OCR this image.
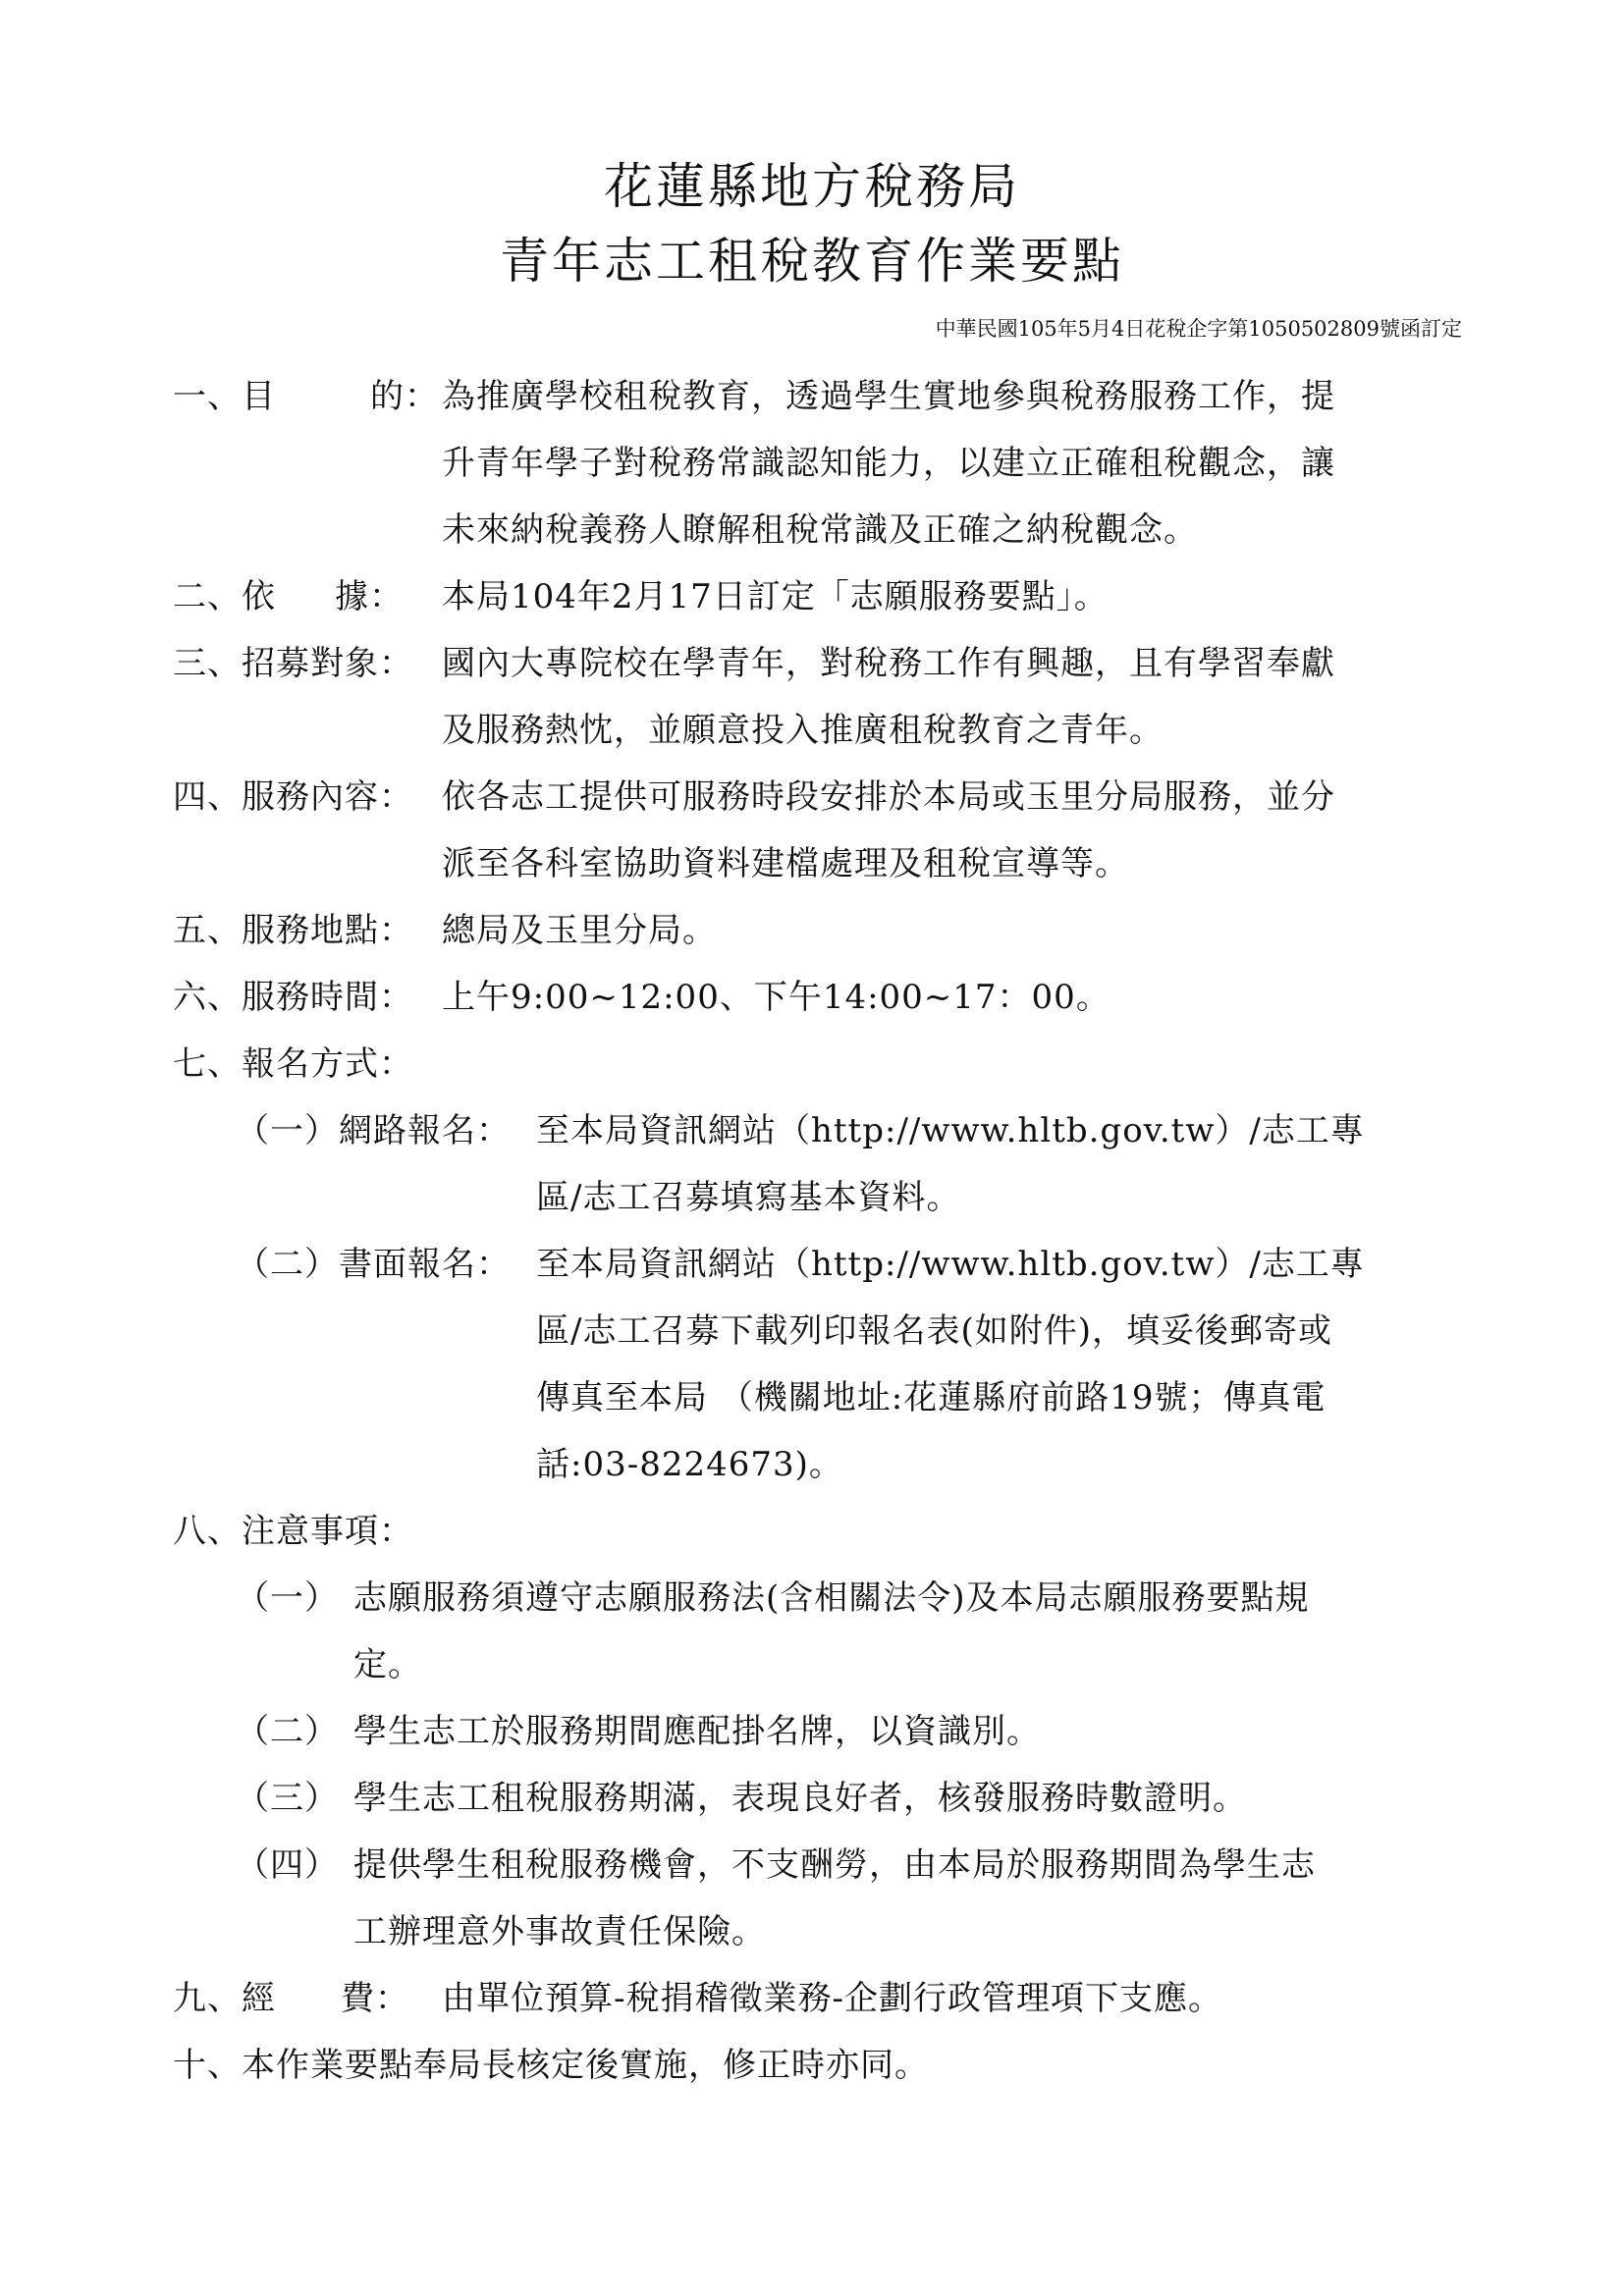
花蓮縣地方稅務局
青年志工租稅教育作業要點
中華民國105年5月4日花稅企字第1050502809號函訂定
一、目	的： 為推廣學校租稅教育，透過學生實地參與稅務服務工作，提
升青年學子對稅務常識認知能力，以建立正確租稅觀念，讓
未來納稅義務人瞭解租稅常識及正確之納稅觀念。
二、依 據： 本局104年2月17日訂定「志願服務要點」。
三、招募對象： 國內大專院校在學青年，對稅務工作有興趣，且有學習奉獻
及服務熱忱，並願意投入推廣租稅教育之青年。
四、服務內容： 依各志工提供可服務時段安排於本局或玉里分局服務，並分
派至各科室協助資料建檔處理及租稅宣導等。
五、服務地點： 總局及玉里分局。
六、服務時間： 上午9:00~12:00、下午14:00~17：00。
七、報名方式：
（一）網路報名： 至本局資訊網站（http://www.hltb.gov.tw）/志工專
區/志工召募填寫基本資料。
（二）書面報名： 至本局資訊網站（http://www.hltb.gov.tw）/志工專
區/志工召募下載列印報名表(如附件)，填妥後郵寄或
傳真至本局 （機關地址:花蓮縣府前路19號；傳真電
話:03-8224673)。
八、注意事項：
（一） 志願服務須遵守志願服務法(含相關法令)及本局志願服務要點規
定。
（二） 學生志工於服務期間應配掛名牌，以資識別。
（三） 學生志工租稅服務期滿，表現良好者，核發服務時數證明。
（四） 提供學生租稅服務機會，不支酬勞，由本局於服務期間為學生志
工辦理意外事故責任保險。
九、經 費： 由單位預算-稅捐稽徵業務-企劃行政管理項下支應。
十、本作業要點奉局長核定後實施，修正時亦同。
